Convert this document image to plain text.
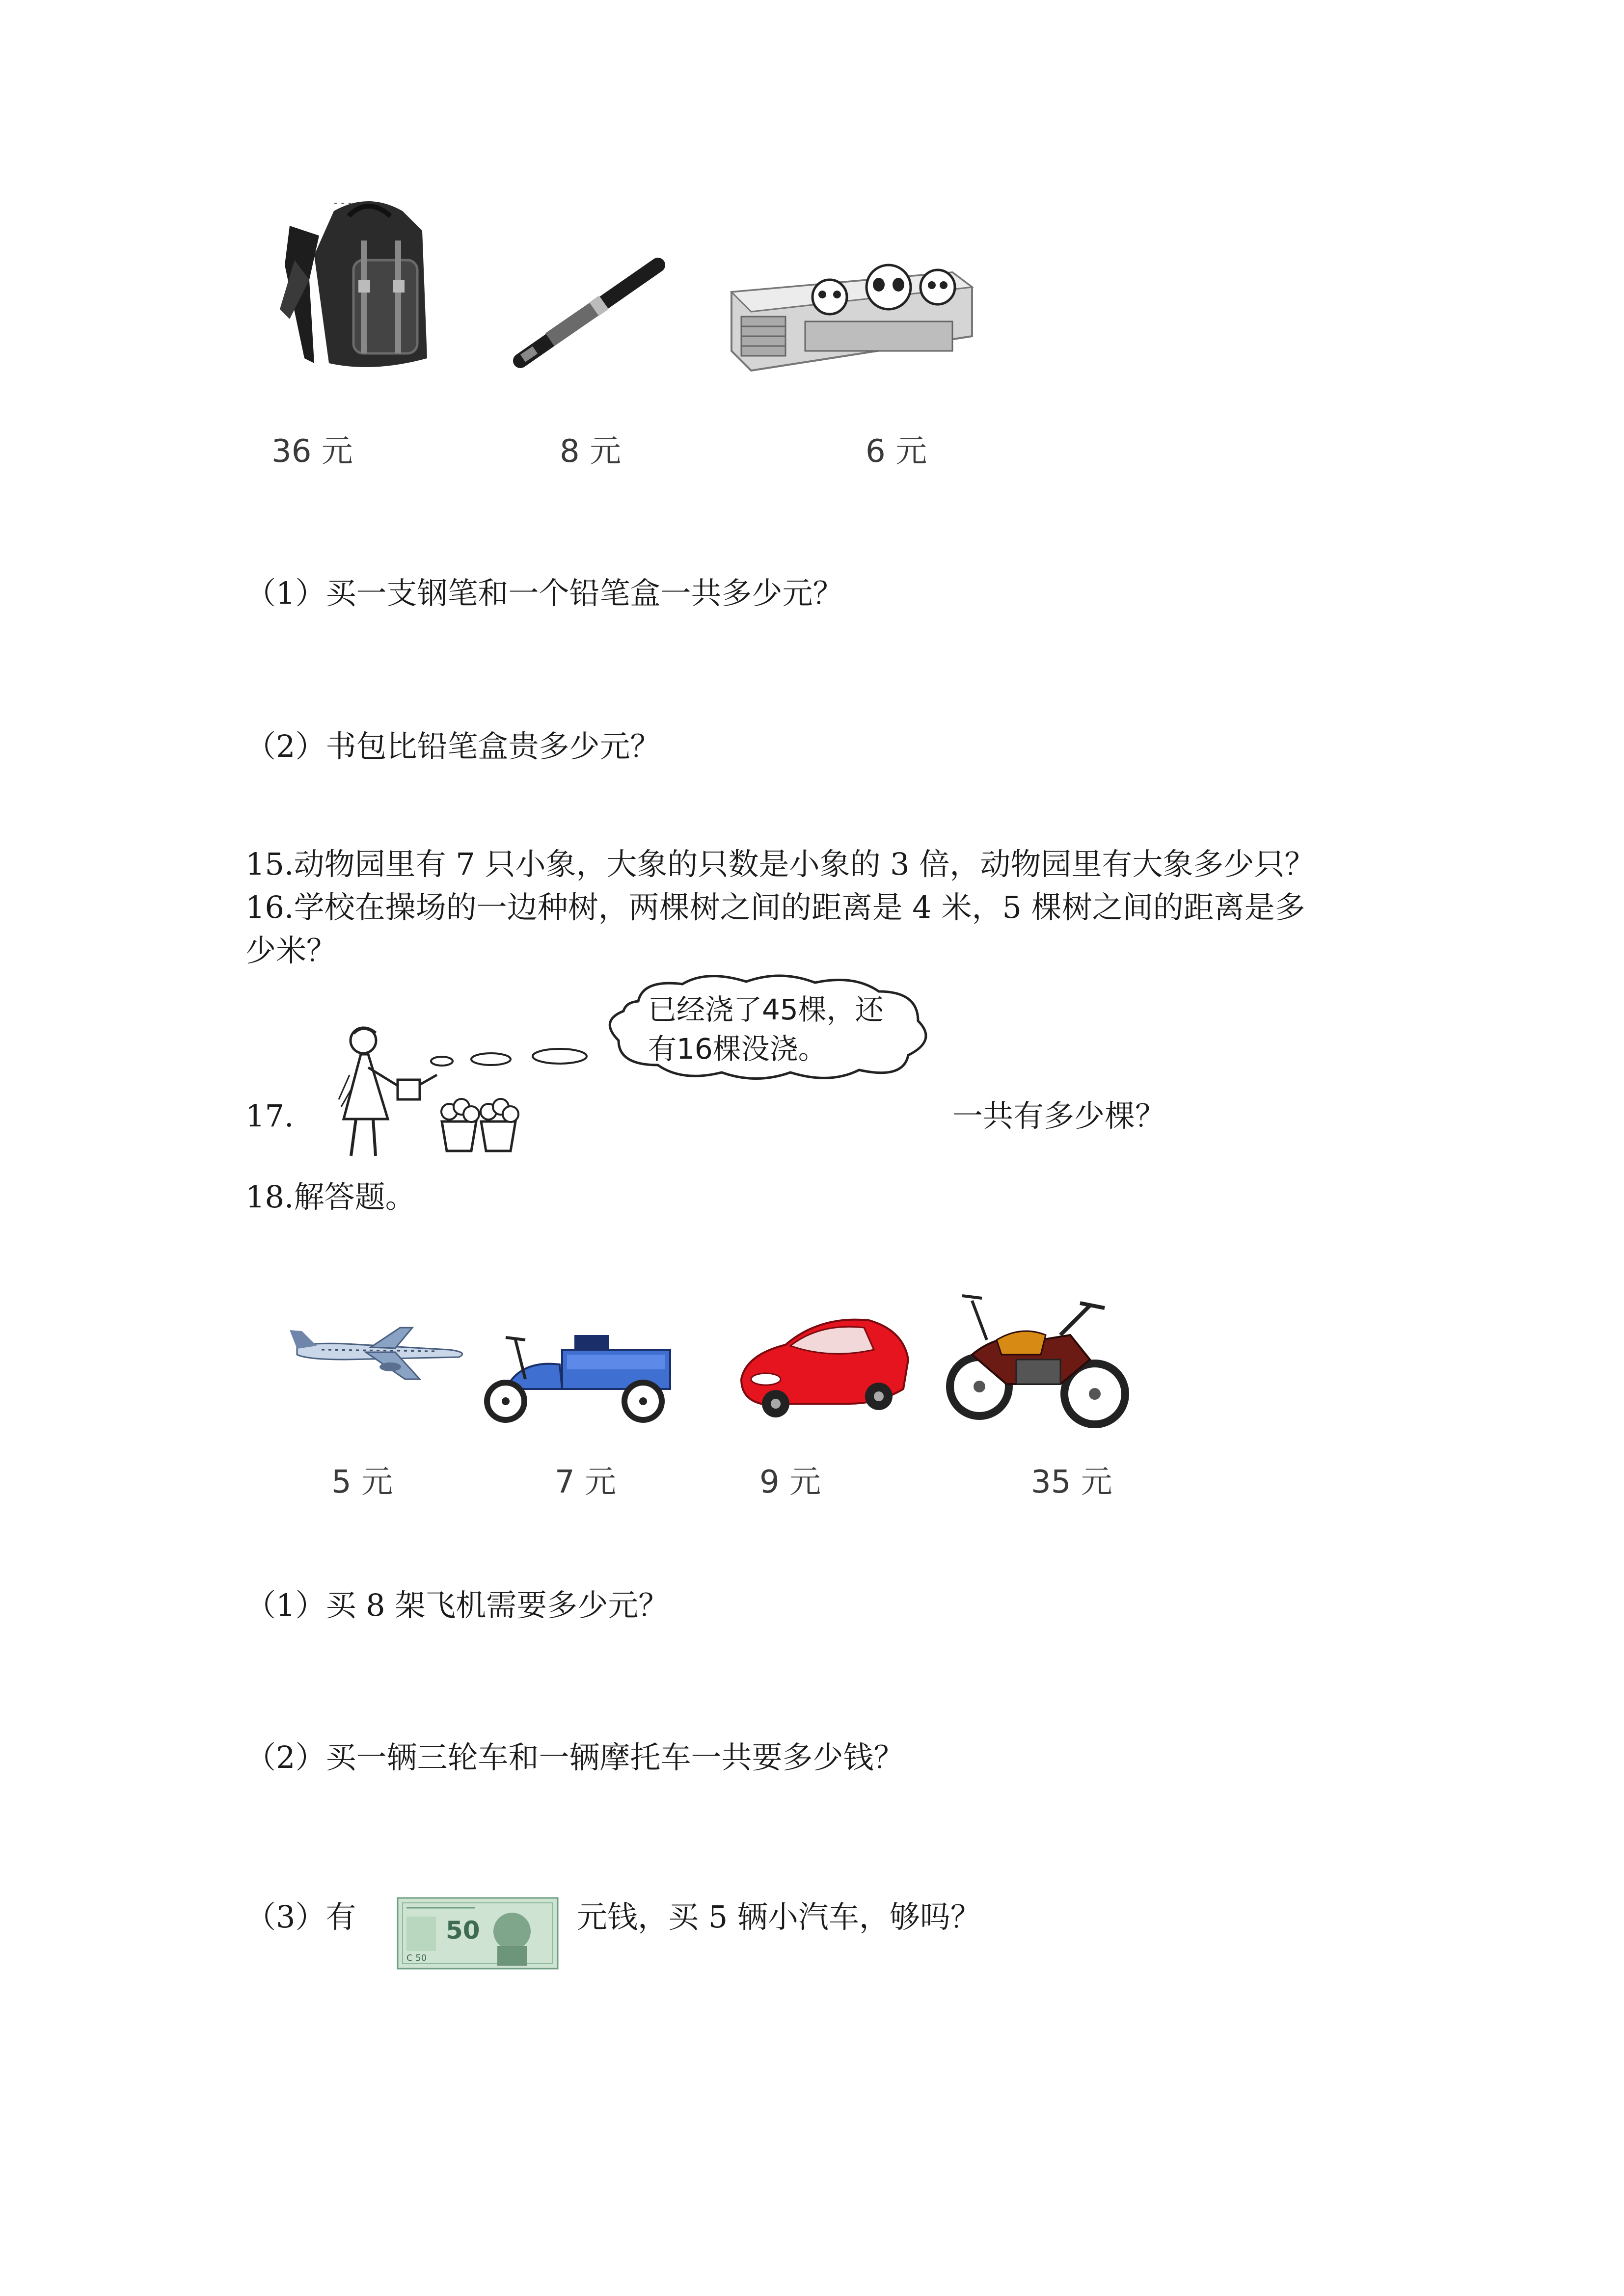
- - -
36 元	8 元	6 元
（1）买一支钢笔和一个铅笔盒一共多少元？
（2）书包比铅笔盒贵多少元？
15.动物园里有 7 只小象，大象的只数是小象的 3 倍，动物园里有大象多少只？
16.学校在操场的一边种树，两棵树之间的距离是 4 米，5 棵树之间的距离是多
少米？
17.
已经浇了45棵，还
有16棵没浇。
一共有多少棵？
18.解答题。
5 元	7 元	9 元	35 元
（1）买 8 架飞机需要多少元？
（2）买一辆三轮车和一辆摩托车一共要多少钱？
（3）有	50
C 50
元钱，买 5 辆小汽车，够吗？
